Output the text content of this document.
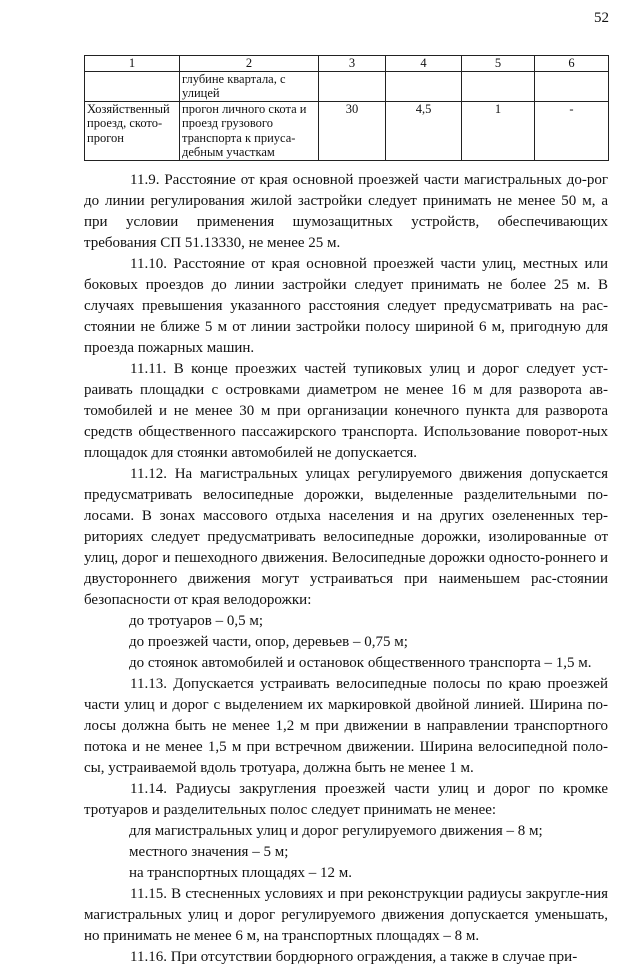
52
1	2	3	4	5	6
	глубине квартала, с улицей				
Хозяйственный проезд, ското-прогон	прогон личного скота и проезд грузового транспорта к приуса-дебным участкам	30	4,5	1	-

11.9. Расстояние от края основной проезжей части магистральных до-рог до линии регулирования жилой застройки следует принимать не менее 50 м, а при условии применения шумозащитных устройств, обеспечивающих требования СП 51.13330, не менее 25 м.

11.10. Расстояние от края основной проезжей части улиц, местных или боковых проездов до линии застройки следует принимать не более 25 м. В случаях превышения указанного расстояния следует предусматривать на рас-стоянии не ближе 5 м от линии застройки полосу шириной 6 м, пригодную для проезда пожарных машин.

11.11. В конце проезжих частей тупиковых улиц и дорог следует уст-раивать площадки с островками диаметром не менее 16 м для разворота ав-томобилей и не менее 30 м при организации конечного пункта для разворота средств общественного пассажирского транспорта. Использование поворот-ных площадок для стоянки автомобилей не допускается.

11.12. На магистральных улицах регулируемого движения допускается предусматривать велосипедные дорожки, выделенные разделительными по-лосами. В зонах массового отдыха населения и на других озелененных тер-риториях следует предусматривать велосипедные дорожки, изолированные от улиц, дорог и пешеходного движения. Велосипедные дорожки односто-роннего и двустороннего движения могут устраиваться при наименьшем рас-стоянии безопасности от края велодорожки:

до тротуаров – 0,5 м;

до проезжей части, опор, деревьев – 0,75 м;

до стоянок автомобилей и остановок общественного транспорта – 1,5 м.

11.13. Допускается устраивать велосипедные полосы по краю проезжей части улиц и дорог с выделением их маркировкой двойной линией. Ширина по-лосы должна быть не менее 1,2 м при движении в направлении транспортного потока и не менее 1,5 м при встречном движении. Ширина велосипедной поло-сы, устраиваемой вдоль тротуара, должна быть не менее 1 м.

11.14. Радиусы закругления проезжей части улиц и дорог по кромке тротуаров и разделительных полос следует принимать не менее:

для магистральных улиц и дорог регулируемого движения – 8 м;

местного значения – 5 м;

на транспортных площадях – 12 м.

11.15. В стесненных условиях и при реконструкции радиусы закругле-ния магистральных улиц и дорог регулируемого движения допускается уменьшать, но принимать не менее 6 м, на транспортных площадях – 8 м.

11.16. При отсутствии бордюрного ограждения, а также в случае при-
